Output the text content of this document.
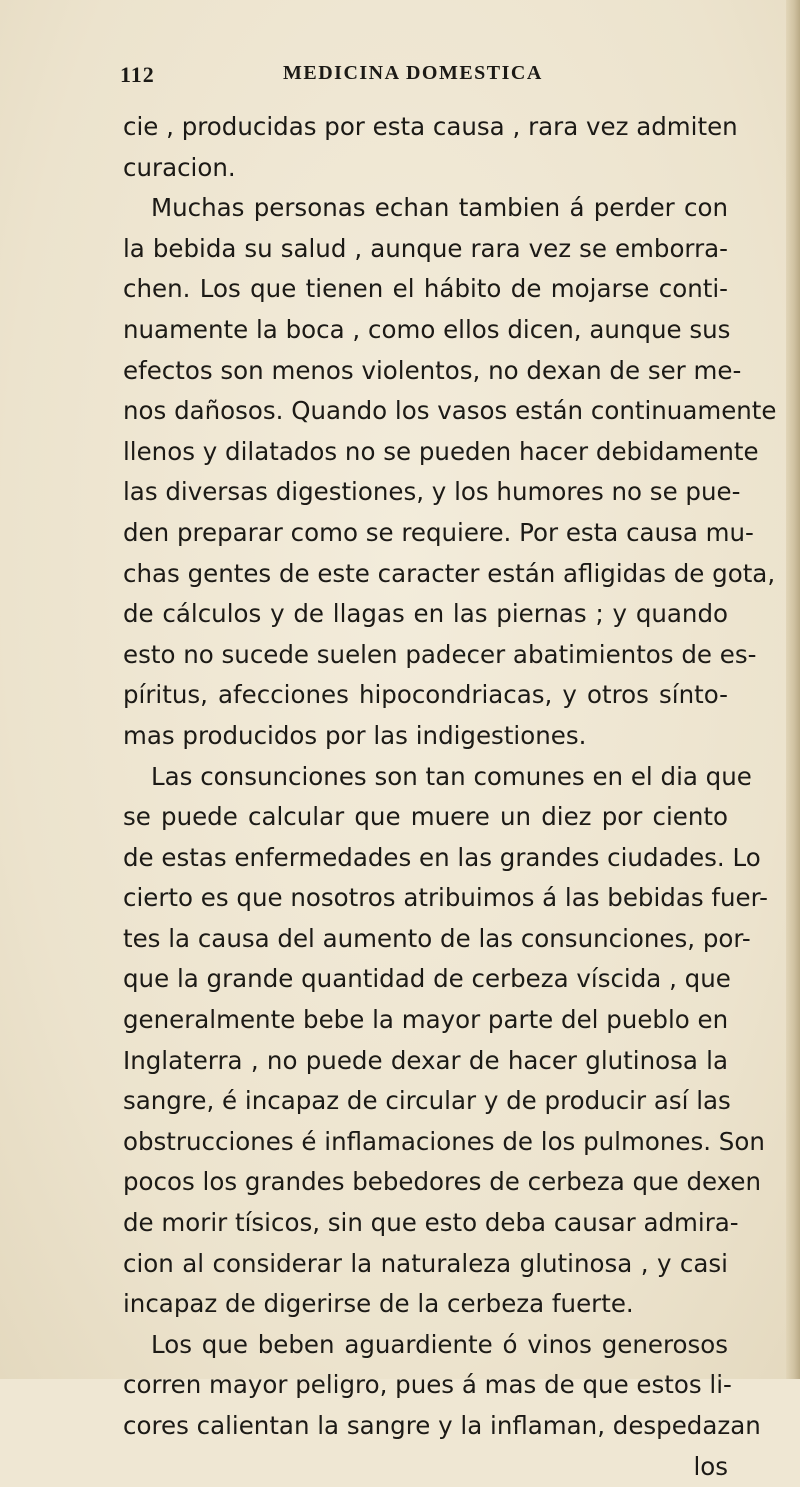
112	MEDICINA DOMESTICA
cie , producidas por esta causa , rara vez admiten
curacion.
Muchas personas echan tambien á perder con
la bebida su salud , aunque rara vez se emborra-
chen. Los que tienen el hábito de mojarse conti-
nuamente la boca , como ellos dicen, aunque sus
efectos son menos violentos, no dexan de ser me-
nos dañosos. Quando los vasos están continuamente
llenos y dilatados no se pueden hacer debidamente
las diversas digestiones, y los humores no se pue-
den preparar como se requiere. Por esta causa mu-
chas gentes de este caracter están afligidas de gota,
de cálculos y de llagas en las piernas ; y quando
esto no sucede suelen padecer abatimientos de es-
píritus, afecciones hipocondriacas, y otros sínto-
mas producidos por las indigestiones.
Las consunciones son tan comunes en el dia que
se puede calcular que muere un diez por ciento
de estas enfermedades en las grandes ciudades. Lo
cierto es que nosotros atribuimos á las bebidas fuer-
tes la causa del aumento de las consunciones, por-
que la grande quantidad de cerbeza víscida , que
generalmente bebe la mayor parte del pueblo en
Inglaterra , no puede dexar de hacer glutinosa la
sangre, é incapaz de circular y de producir así las
obstrucciones é inflamaciones de los pulmones. Son
pocos los grandes bebedores de cerbeza que dexen
de morir tísicos, sin que esto deba causar admira-
cion al considerar la naturaleza glutinosa , y casi
incapaz de digerirse de la cerbeza fuerte.
Los que beben aguardiente ó vinos generosos
corren mayor peligro, pues á mas de que estos li-
cores calientan la sangre y la inflaman, despedazan
los
